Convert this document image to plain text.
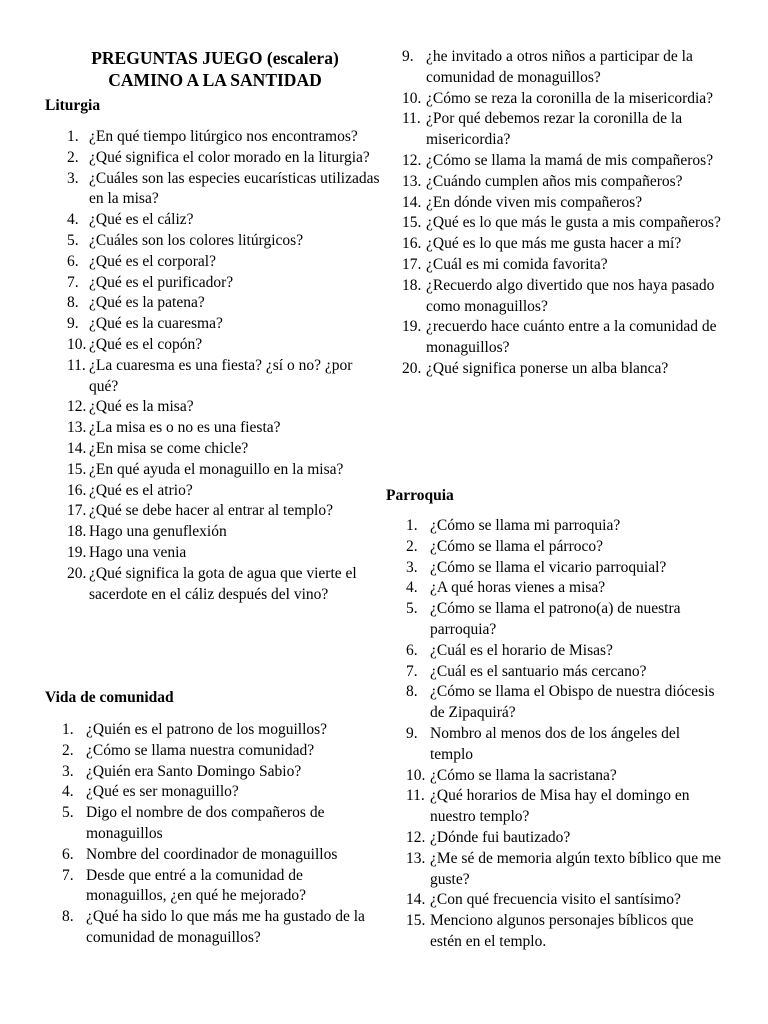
PREGUNTAS JUEGO (escalera)

CAMINO A LA SANTIDAD

Liturgia

1. ¿En qué tiempo litúrgico nos encontramos?
2. ¿Qué significa el color morado en la liturgia?
3. ¿Cuáles son las especies eucarísticas utilizadas en la misa?
4. ¿Qué es el cáliz?
5. ¿Cuáles son los colores litúrgicos?
6. ¿Qué es el corporal?
7. ¿Qué es el purificador?
8. ¿Qué es la patena?
9. ¿Qué es la cuaresma?
10. ¿Qué es el copón?
11. ¿La cuaresma es una fiesta? ¿sí o no? ¿por qué?
12. ¿Qué es la misa?
13. ¿La misa es o no es una fiesta?
14. ¿En misa se come chicle?
15. ¿En qué ayuda el monaguillo en la misa?
16. ¿Qué es el atrio?
17. ¿Qué se debe hacer al entrar al templo?
18. Hago una genuflexión
19. Hago una venia
20. ¿Qué significa la gota de agua que vierte el sacerdote en el cáliz después del vino?

Vida de comunidad

1. ¿Quién es el patrono de los moguillos?
2. ¿Cómo se llama nuestra comunidad?
3. ¿Quién era Santo Domingo Sabio?
4. ¿Qué es ser monaguillo?
5. Digo el nombre de dos compañeros de monaguillos
6. Nombre del coordinador de monaguillos
7. Desde que entré a la comunidad de monaguillos, ¿en qué he mejorado?
8. ¿Qué ha sido lo que más me ha gustado de la comunidad de monaguillos?
9. ¿he invitado a otros niños a participar de la comunidad de monaguillos?
10. ¿Cómo se reza la coronilla de la misericordia?
11. ¿Por qué debemos rezar la coronilla de la misericordia?
12. ¿Cómo se llama la mamá de mis compañeros?
13. ¿Cuándo cumplen años mis compañeros?
14. ¿En dónde viven mis compañeros?
15. ¿Qué es lo que más le gusta a mis compañeros?
16. ¿Qué es lo que más me gusta hacer a mí?
17. ¿Cuál es mi comida favorita?
18. ¿Recuerdo algo divertido que nos haya pasado como monaguillos?
19. ¿recuerdo hace cuánto entre a la comunidad de monaguillos?
20. ¿Qué significa ponerse un alba blanca?

Parroquia

1. ¿Cómo se llama mi parroquia?
2. ¿Cómo se llama el párroco?
3. ¿Cómo se llama el vicario parroquial?
4. ¿A qué horas vienes a misa?
5. ¿Cómo se llama el patrono(a) de nuestra parroquia?
6. ¿Cuál es el horario de Misas?
7. ¿Cuál es el santuario más cercano?
8. ¿Cómo se llama el Obispo de nuestra diócesis de Zipaquirá?
9. Nombro al menos dos de los ángeles del templo
10. ¿Cómo se llama la sacristana?
11. ¿Qué horarios de Misa hay el domingo en nuestro templo?
12. ¿Dónde fui bautizado?
13. ¿Me sé de memoria algún texto bíblico que me guste?
14. ¿Con qué frecuencia visito el santísimo?
15. Menciono algunos personajes bíblicos que estén en el templo.
